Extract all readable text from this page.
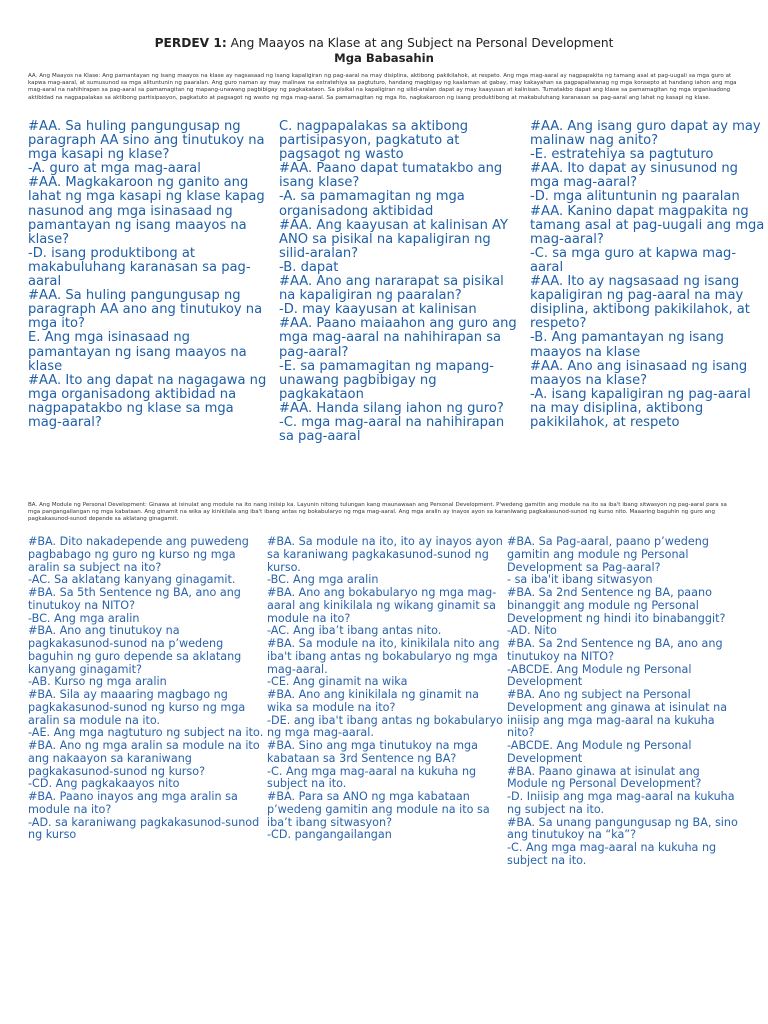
PERDEV 1: Ang Maayos na Klase at ang Subject na Personal Development
Mga Babasahin
AA. Ang Maayos na Klase: Ang pamantayan ng isang maayos na klase ay nagsasaad ng isang kapaligiran ng pag-aaral na may disiplina, aktibong pakikilahok, at respeto. Ang mga mag-aaral ay nagpapakita ng tamang asal at pag-uugali sa mga guro at kapwa mag-aaral, at sumusunod sa mga alituntunin ng paaralan. Ang guro naman ay may malinaw na estratehiya sa pagtuturo, handang magbigay ng kaalaman at gabay, may kakayahan sa pagpapaliwanag ng mga konsepto at handang iahon ang mga mag-aaral na nahihirapan sa pag-aaral sa pamamagitan ng mapang-unawang pagbibigay ng pagkakataon. Sa pisikal na kapaligiran ng silid-aralan dapat ay may kaayusan at kalinisan. Tumatakbo dapat ang klase sa pamamagitan ng mga organisadong aktibidad na nagpapalakas sa aktibong partisipasyon, pagkatuto at pagsagot ng wasto ng mga mag-aaral. Sa pamamagitan ng mga ito, nagkakaroon ng isang produktibong at makabuluhang karanasan sa pag-aaral ang lahat ng kasapi ng klase.
#AA. Sa huling pangungusap ng paragraph AA sino ang tinutukoy na mga kasapi ng klase?
-A. guro at mga mag-aaral
#AA. Magkakaroon ng ganito ang lahat ng mga kasapi ng klase kapag nasunod ang mga isinasaad ng pamantayan ng isang maayos na klase?
-D. isang produktibong at makabuluhang karanasan sa pag-aaral
#AA. Sa huling pangungusap ng paragraph AA ano ang tinutukoy na mga ito?
E. Ang mga isinasaad ng pamantayan ng isang maayos na klase
#AA. Ito ang dapat na nagagawa ng mga organisadong aktibidad na nagpapatakbo ng klase sa mga mag-aaral?
C. nagpapalakas sa aktibong partisipasyon, pagkatuto at pagsagot ng wasto
#AA. Paano dapat tumatakbo ang isang klase?
-A. sa pamamagitan ng mga organisadong aktibidad
#AA. Ang kaayusan at kalinisan AY ANO sa pisikal na kapaligiran ng silid-aralan?
-B. dapat
#AA. Ano ang nararapat sa pisikal na kapaligiran ng paaralan?
-D. may kaayusan at kalinisan
#AA. Paano maiaahon ang guro ang mga mag-aaral na nahihirapan sa pag-aaral?
-E. sa pamamagitan ng mapang-unawang pagbibigay ng pagkakataon
#AA. Handa silang iahon ng guro?
-C. mga mag-aaral na nahihirapan sa pag-aaral
#AA. Ang isang guro dapat ay may malinaw nag anito?
-E. estratehiya sa pagtuturo
#AA. Ito dapat ay sinusunod ng mga mag-aaral?
-D. mga alituntunin ng paaralan
#AA. Kanino dapat magpakita ng tamang asal at pag-uugali ang mga mag-aaral?
-C. sa mga guro at kapwa mag-aaral
#AA. Ito ay nagsasaad ng isang kapaligiran ng pag-aaral na may disiplina, aktibong pakikilahok, at respeto?
-B. Ang pamantayan ng isang maayos na klase
#AA. Ano ang isinasaad ng isang maayos na klase?
-A. isang kapaligiran ng pag-aaral na may disiplina, aktibong pakikilahok, at respeto
BA. Ang Module ng Personal Development: Ginawa at isinulat ang module na ito nang iniisip ka. Layunin nitong tulungan kang maunawaan ang Personal Development. P'wedeng gamitin ang module na ito sa iba't ibang sitwasyon ng pag-aaral para sa mga pangangailangan ng mga kabataan. Ang ginamit na wika ay kinikilala ang iba't ibang antas ng bokabularyo ng mga mag-aaral. Ang mga aralin ay inayos ayon sa karaniwang pagkakasunod-sunod ng kurso nito. Maaaring baguhin ng guro ang pagkakasunod-sunod depende sa aklatang ginagamit.
#BA. Dito nakadepende ang puwedeng pagbabago ng guro ng kurso ng mga aralin sa subject na ito?
-AC. Sa aklatang kanyang ginagamit.
#BA. Sa 5th Sentence ng BA, ano ang tinutukoy na NITO?
-BC. Ang mga aralin
#BA. Ano ang tinutukoy na pagkakasunod-sunod na p’wedeng baguhin ng guro depende sa aklatang kanyang ginagamit?
-AB. Kurso ng mga aralin
#BA. Sila ay maaaring magbago ng pagkakasunod-sunod ng kurso ng mga aralin sa module na ito.
-AE. Ang mga nagtuturo ng subject na ito.
#BA. Ano ng mga aralin sa module na ito ang nakaayon sa karaniwang pagkakasunod-sunod ng kurso?
-CD. Ang pagkakaayos nito
#BA. Paano inayos ang mga aralin sa module na ito?
-AD. sa karaniwang pagkakasunod-sunod ng kurso
#BA. Sa module na ito, ito ay inayos ayon sa karaniwang pagkakasunod-sunod ng kurso.
-BC. Ang mga aralin
#BA. Ano ang bokabularyo ng mga mag-aaral ang kinikilala ng wikang ginamit sa module na ito?
-AC. Ang iba’t ibang antas nito.
#BA. Sa module na ito, kinikilala nito ang iba't ibang antas ng bokabularyo ng mga mag-aaral.
-CE. Ang ginamit na wika
#BA. Ano ang kinikilala ng ginamit na wika sa module na ito?
-DE. ang iba't ibang antas ng bokabularyo ng mga mag-aaral.
#BA. Sino ang mga tinutukoy na mga kabataan sa 3rd Sentence ng BA?
-C. Ang mga mag-aaral na kukuha ng subject na ito.
#BA. Para sa ANO ng mga kabataan p’wedeng gamitin ang module na ito sa iba’t ibang sitwasyon?
-CD. pangangailangan
#BA. Sa Pag-aaral, paano p’wedeng gamitin ang module ng Personal Development sa Pag-aaral?
- sa iba'it ibang sitwasyon
#BA. Sa 2nd Sentence ng BA, paano binanggit ang module ng Personal Development ng hindi ito binabanggit?
-AD. Nito
#BA. Sa 2nd Sentence ng BA, ano ang tinutukoy na NITO?
-ABCDE. Ang Module ng Personal Development
#BA. Ano ng subject na Personal Development ang ginawa at isinulat na iniisip ang mga mag-aaral na kukuha nito?
-ABCDE. Ang Module ng Personal Development
#BA. Paano ginawa at isinulat ang Module ng Personal Development?
-D. Iniisip ang mga mag-aaral na kukuha ng subject na ito.
#BA. Sa unang pangungusap ng BA, sino ang tinutukoy na “ka”?
-C. Ang mga mag-aaral na kukuha ng subject na ito.
